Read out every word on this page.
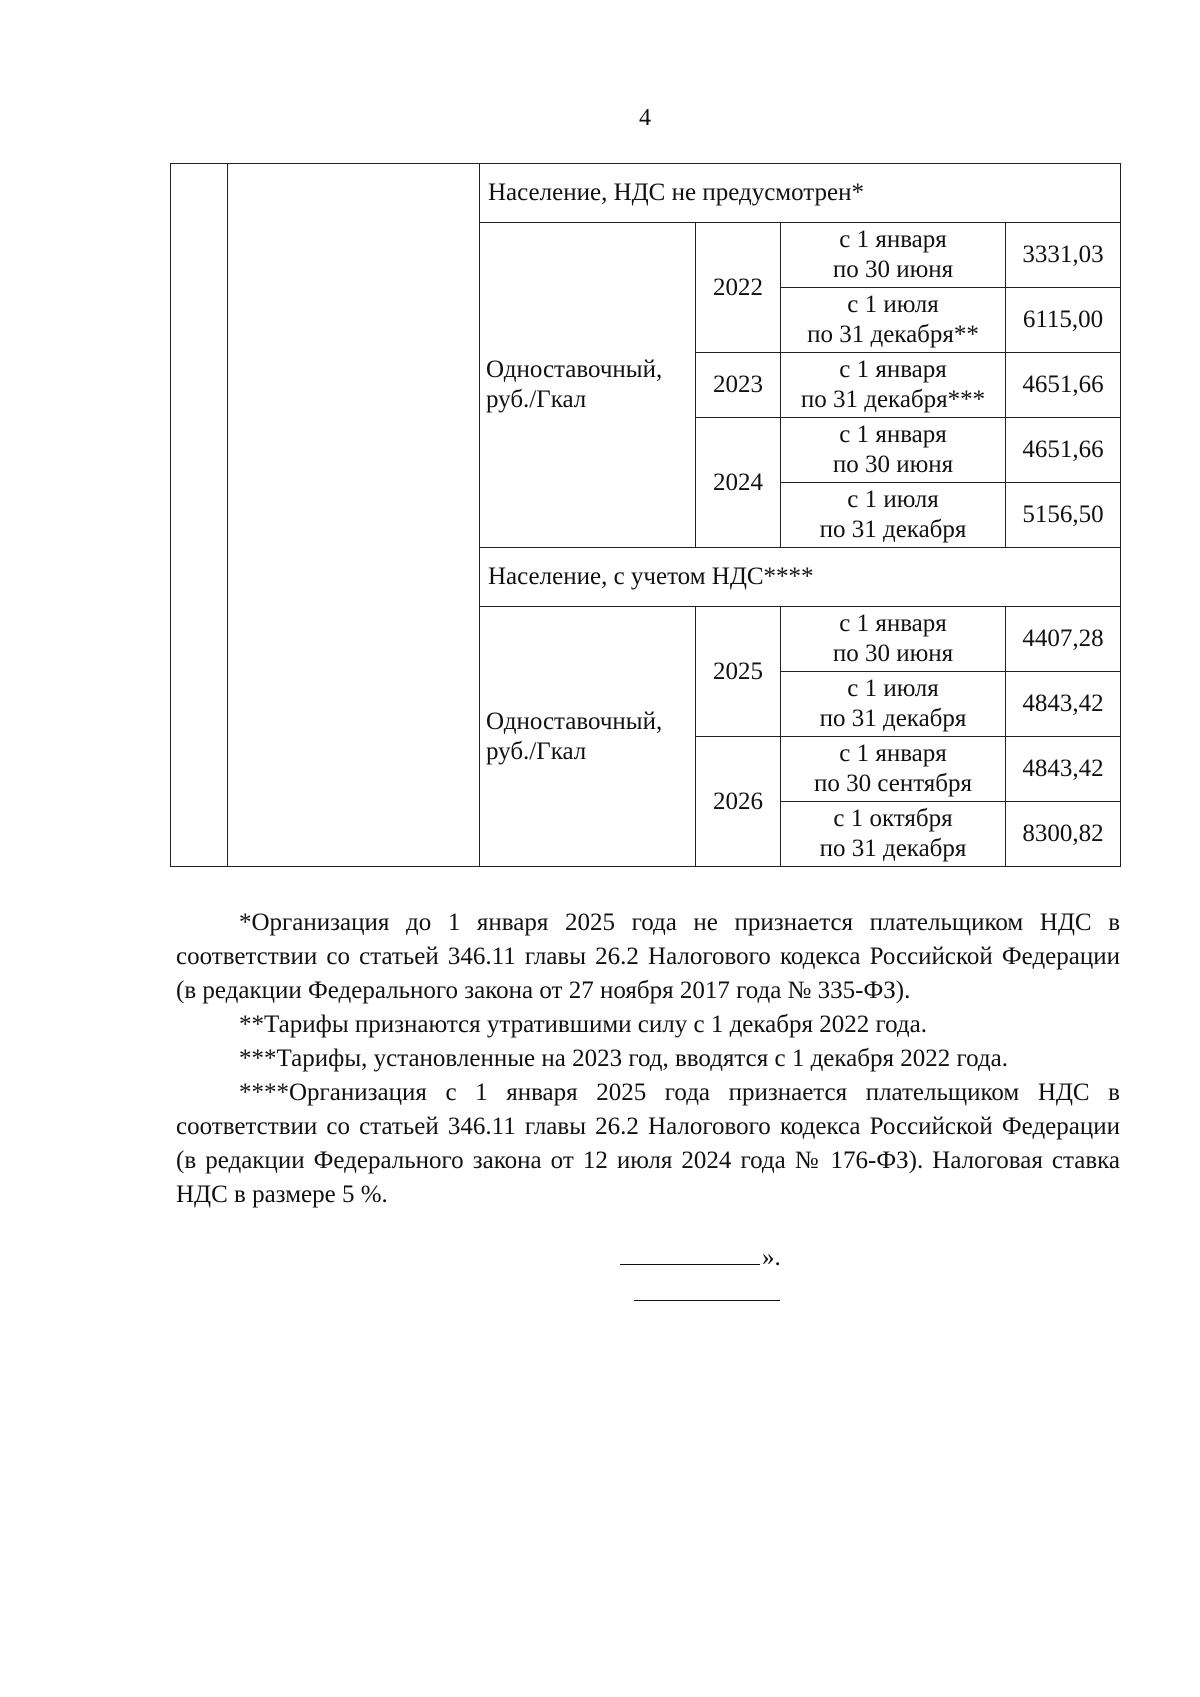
4
		Население, НДС не предусмотрен*			
		Одноставочный, руб./Гкал	2022	с 1 января
по 30 июня	3331,03

				с 1 июля
по 31 декабря**	6115,00
			2023	с 1 января
по 31 декабря***	4651,66
			2024	с 1 января
по 30 июня	4651,66

				с 1 июля
по 31 декабря	5156,50
		Население, с учетом НДС****			
		Одноставочный, руб./Гкал	2025	с 1 января
по 30 июня	4407,28

				с 1 июля
по 31 декабря	4843,42
			2026	с 1 января
по 30 сентября	4843,42

				с 1 октября
по 31 декабря	8300,82

*Организация до 1 января 2025 года не признается плательщиком НДС в соответствии со статьей 346.11 главы 26.2 Налогового кодекса Российской Федерации (в редакции Федерального закона от 27 ноября 2017 года № 335-ФЗ).

**Тарифы признаются утратившими силу с 1 декабря 2022 года.

***Тарифы, установленные на 2023 год, вводятся с 1 декабря 2022 года.

****Организация с 1 января 2025 года признается плательщиком НДС в соответствии со статьей 346.11 главы 26.2 Налогового кодекса Российской Федерации (в редакции Федерального закона от 12 июля 2024 года № 176-ФЗ). Налоговая ставка НДС в размере 5 %.

».
